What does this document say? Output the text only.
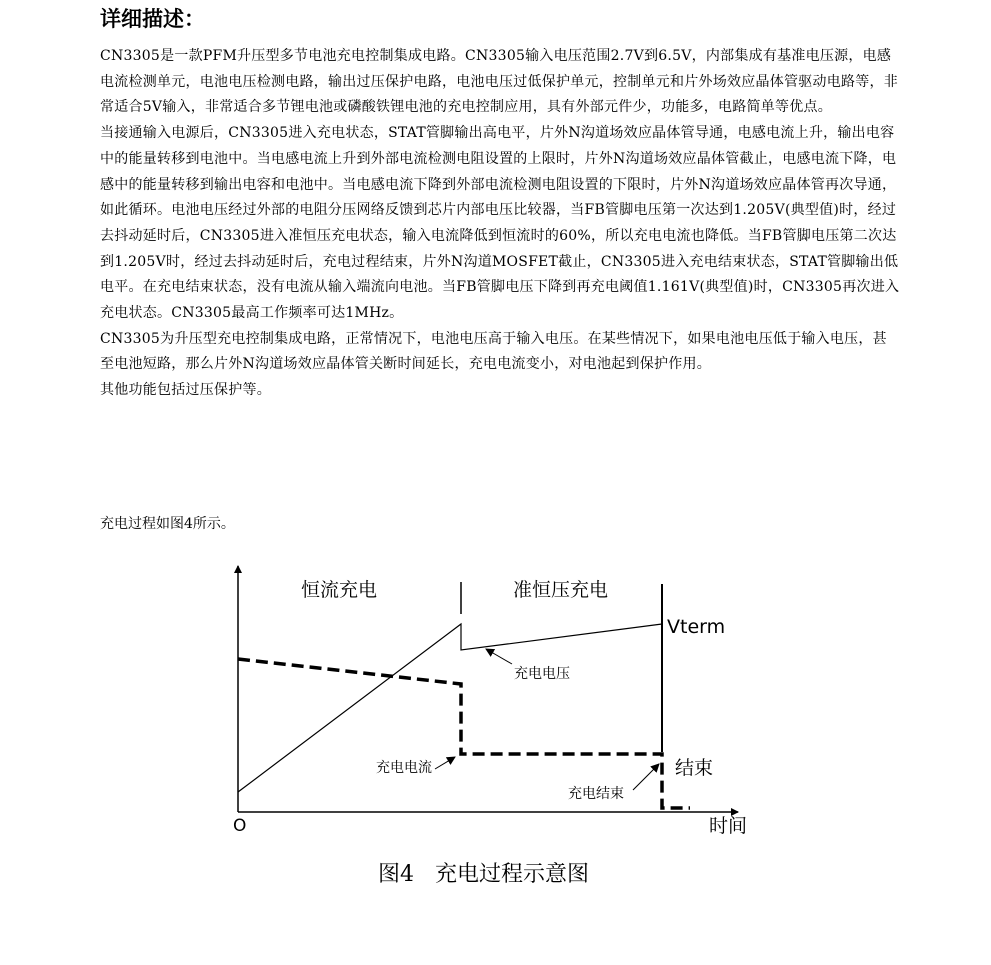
详细描述：

CN3305是一款PFM升压型多节电池充电控制集成电路。CN3305输入电压范围2.7V到6.5V，内部集成有基准电压源，电感电流检测单元，电池电压检测电路，输出过压保护电路，电池电压过低保护单元，控制单元和片外场效应晶体管驱动电路等，非常适合5V输入，非常适合多节锂电池或磷酸铁锂电池的充电控制应用，具有外部元件少，功能多，电路简单等优点。

当接通输入电源后，CN3305进入充电状态，STAT管脚输出高电平，片外N沟道场效应晶体管导通，电感电流上升，输出电容中的能量转移到电池中。当电感电流上升到外部电流检测电阻设置的上限时，片外N沟道场效应晶体管截止，电感电流下降，电感中的能量转移到输出电容和电池中。当电感电流下降到外部电流检测电阻设置的下限时，片外N沟道场效应晶体管再次导通，如此循环。电池电压经过外部的电阻分压网络反馈到芯片内部电压比较器，当FB管脚电压第一次达到1.205V(典型值)时，经过去抖动延时后，CN3305进入准恒压充电状态，输入电流降低到恒流时的60%，所以充电电流也降低。当FB管脚电压第二次达到1.205V时，经过去抖动延时后，充电过程结束，片外N沟道MOSFET截止，CN3305进入充电结束状态，STAT管脚输出低电平。在充电结束状态，没有电流从输入端流向电池。当FB管脚电压下降到再充电阈值1.161V(典型值)时，CN3305再次进入充电状态。CN3305最高工作频率可达1MHz。

CN3305为升压型充电控制集成电路，正常情况下，电池电压高于输入电压。在某些情况下，如果电池电压低于输入电压，甚至电池短路，那么片外N沟道场效应晶体管关断时间延长，充电电流变小，对电池起到保护作用。

其他功能包括过压保护等。

充电过程如图4所示。

恒流充电	准恒压充电
Vterm
充电电压
充电电流	结束
充电结束
O	时间

图4 充电过程示意图
